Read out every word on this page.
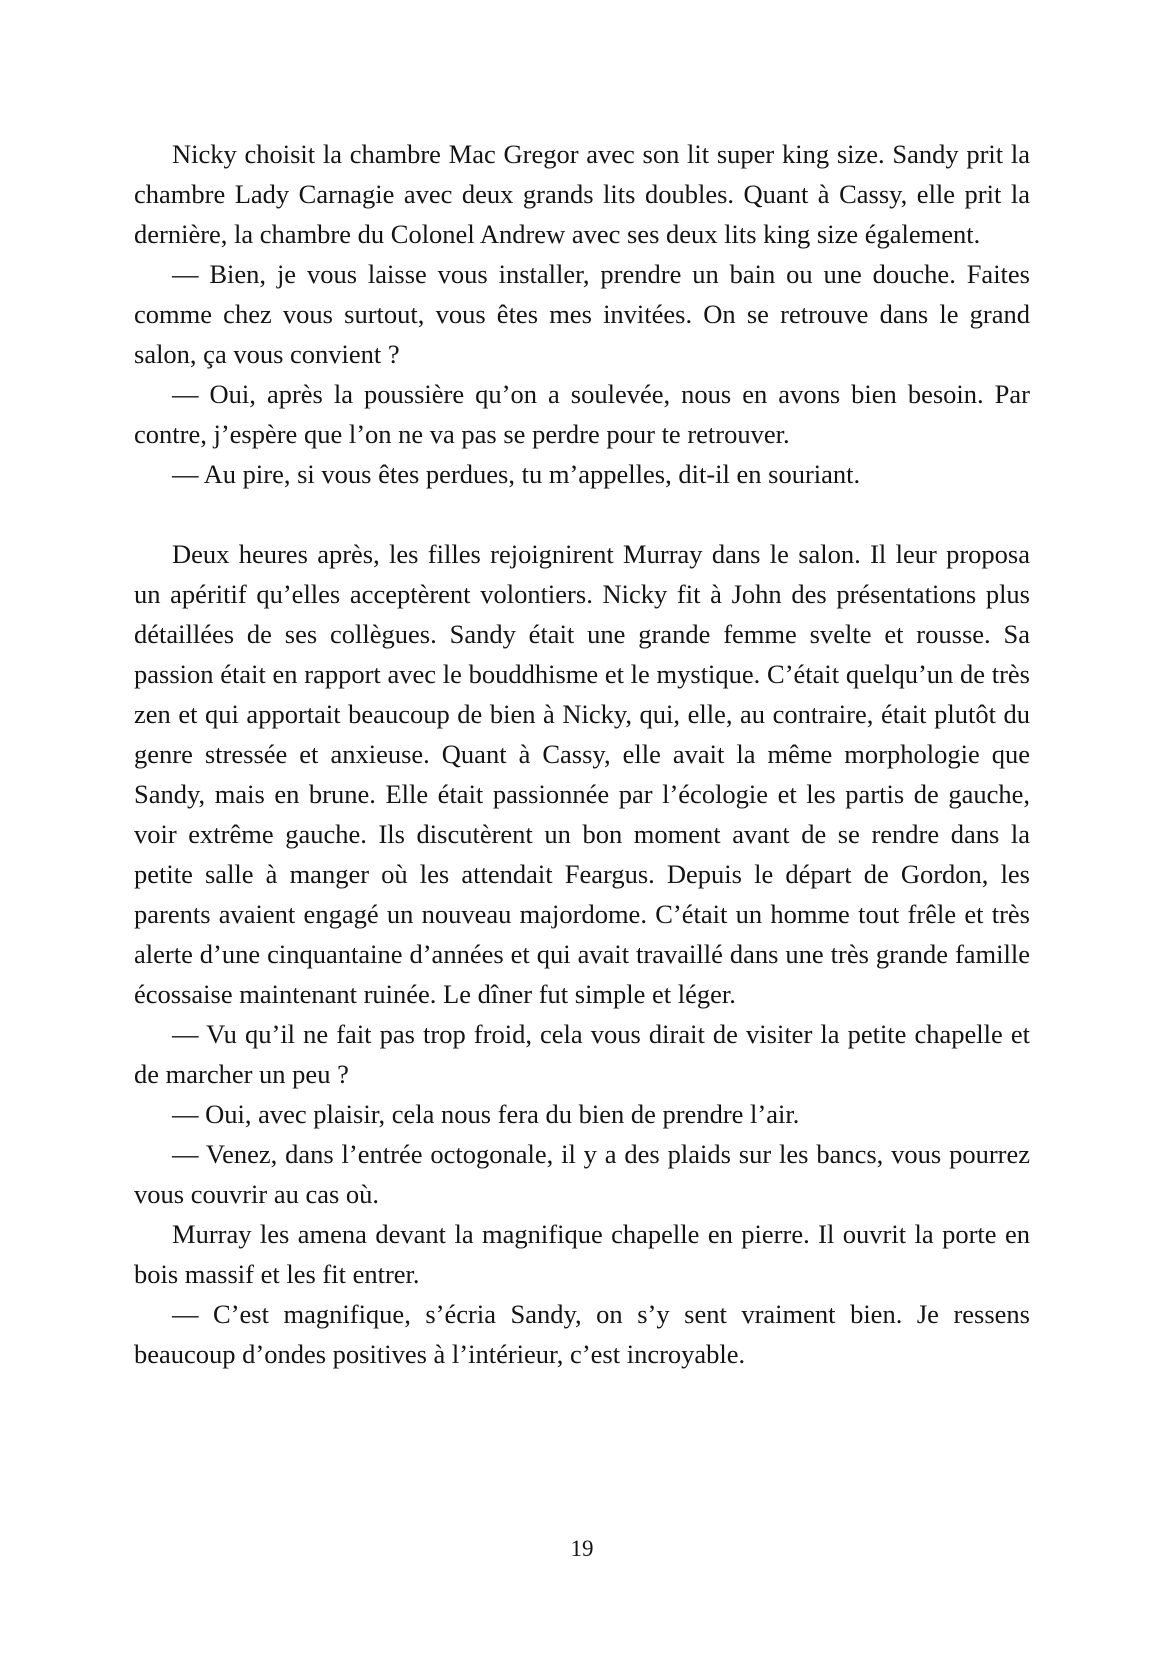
Nicky choisit la chambre Mac Gregor avec son lit super king size. Sandy prit la chambre Lady Carnagie avec deux grands lits doubles. Quant à Cassy, elle prit la dernière, la chambre du Colonel Andrew avec ses deux lits king size également.

— Bien, je vous laisse vous installer, prendre un bain ou une douche. Faites comme chez vous surtout, vous êtes mes invitées. On se retrouve dans le grand salon, ça vous convient ?

— Oui, après la poussière qu’on a soulevée, nous en avons bien besoin. Par contre, j’espère que l’on ne va pas se perdre pour te retrouver.

— Au pire, si vous êtes perdues, tu m’appelles, dit-il en souriant.

Deux heures après, les filles rejoignirent Murray dans le salon. Il leur proposa un apéritif qu’elles acceptèrent volontiers. Nicky fit à John des présentations plus détaillées de ses collègues. Sandy était une grande femme svelte et rousse. Sa passion était en rapport avec le bouddhisme et le mystique. C’était quelqu’un de très zen et qui apportait beaucoup de bien à Nicky, qui, elle, au contraire, était plutôt du genre stressée et anxieuse. Quant à Cassy, elle avait la même morphologie que Sandy, mais en brune. Elle était passionnée par l’écologie et les partis de gauche, voir extrême gauche. Ils discutèrent un bon moment avant de se rendre dans la petite salle à manger où les attendait Feargus. Depuis le départ de Gordon, les parents avaient engagé un nouveau majordome. C’était un homme tout frêle et très alerte d’une cinquantaine d’années et qui avait travaillé dans une très grande famille écossaise maintenant ruinée. Le dîner fut simple et léger.

— Vu qu’il ne fait pas trop froid, cela vous dirait de visiter la petite chapelle et de marcher un peu ?

— Oui, avec plaisir, cela nous fera du bien de prendre l’air.

— Venez, dans l’entrée octogonale, il y a des plaids sur les bancs, vous pourrez vous couvrir au cas où.

Murray les amena devant la magnifique chapelle en pierre. Il ouvrit la porte en bois massif et les fit entrer.

— C’est magnifique, s’écria Sandy, on s’y sent vraiment bien. Je ressens beaucoup d’ondes positives à l’intérieur, c’est incroyable.

19
